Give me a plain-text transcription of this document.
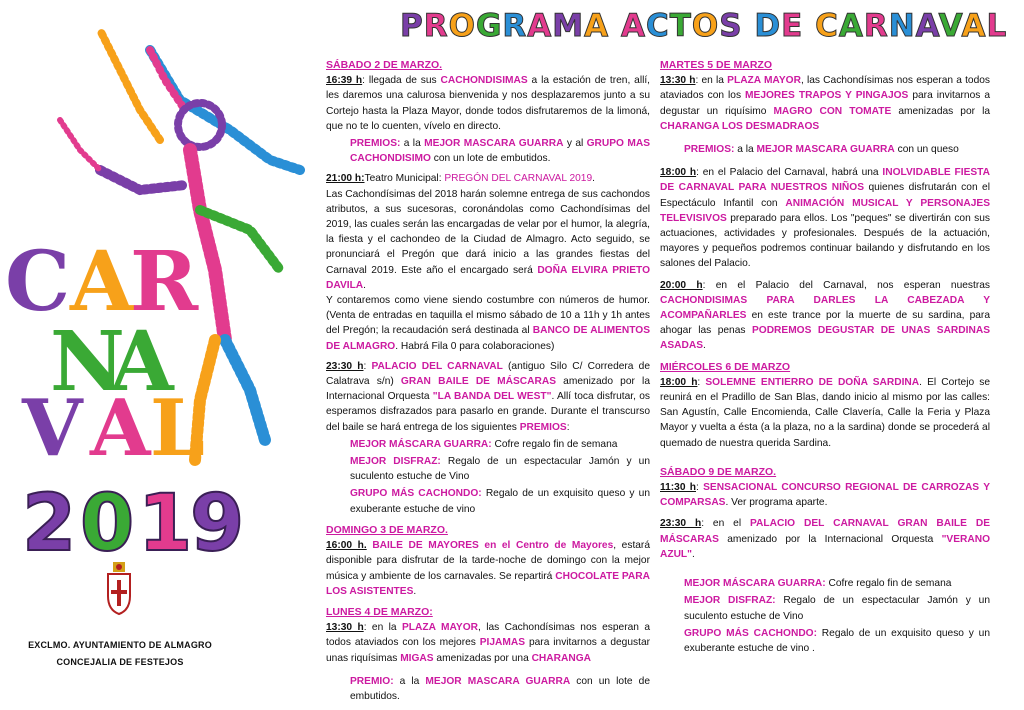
C A
R
N
A
V A L
2 0 1
9
EXCLMO. AYUNTAMIENTO DE ALMAGRO
CONCEJALIA DE FESTEJOS
PROGRAMA ACTOS DE CARNAVAL
SÁBADO 2 DE MARZO.
16:39 h: llegada de sus CACHONDISIMAS a la estación de tren, allí, les daremos una calurosa bienvenida y nos desplazaremos junto a su Cortejo hasta la Plaza Mayor, donde todos disfrutaremos de la limoná, que no te lo cuenten, vívelo en directo.
PREMIOS: a la MEJOR MASCARA GUARRA y al GRUPO MAS CACHONDISIMO con un lote de embutidos.
21:00 h:Teatro Municipal: PREGÓN DEL CARNAVAL 2019.
Las Cachondísimas del 2018 harán solemne entrega de sus cachondos atributos, a sus sucesoras, coronándolas como Cachondísimas del 2019, las cuales serán las encargadas de velar por el humor, la alegría, la fiesta y el cachondeo de la Ciudad de Almagro. Acto seguido, se pronunciará el Pregón que dará inicio a las grandes fiestas del Carnaval 2019. Este año el encargado será DOÑA ELVIRA PRIETO DAVILA.
Y contaremos como viene siendo costumbre con números de humor. (Venta de entradas en taquilla el mismo sábado de 10 a 11h y 1h antes del Pregón; la recaudación será destinada al BANCO DE ALIMENTOS DE ALMAGRO. Habrá Fila 0 para colaboraciones)
23:30 h: PALACIO DEL CARNAVAL (antiguo Silo C/ Corredera de Calatrava s/n) GRAN BAILE DE MÁSCARAS amenizado por la Internacional Orquesta "LA BANDA DEL WEST". Allí toca disfrutar, os esperamos disfrazados para pasarlo en grande. Durante el transcurso del baile se hará entrega de los siguientes PREMIOS:
MEJOR MÁSCARA GUARRA: Cofre regalo fin de semana
MEJOR DISFRAZ: Regalo de un espectacular Jamón y un suculento estuche de Vino
GRUPO MÁS CACHONDO: Regalo de un exquisito queso y un exuberante estuche de vino
DOMINGO 3 DE MARZO.
16:00 h. BAILE DE MAYORES en el Centro de Mayores, estará disponible para disfrutar de la tarde-noche de domingo con la mejor música y ambiente de los carnavales. Se repartirá CHOCOLATE PARA LOS ASISTENTES.
LUNES 4 DE MARZO:
13:30 h: en la PLAZA MAYOR, las Cachondísimas nos esperan a todos ataviados con los mejores PIJAMAS para invitarnos a degustar unas riquísimas MIGAS amenizadas por una CHARANGA
PREMIO: a la MEJOR MASCARA GUARRA con un lote de embutidos.
MARTES 5 DE MARZO
13:30 h: en la PLAZA MAYOR, las Cachondísimas nos esperan a todos ataviados con los MEJORES TRAPOS Y PINGAJOS para invitarnos a degustar un riquísimo MAGRO CON TOMATE amenizadas por la CHARANGA LOS DESMADRAOS
PREMIOS: a la MEJOR MASCARA GUARRA con un queso
18:00 h: en el Palacio del Carnaval, habrá una INOLVIDABLE FIESTA DE CARNAVAL PARA NUESTROS NIÑOS quienes disfrutarán con el Espectáculo Infantil con ANIMACIÓN MUSICAL Y PERSONAJES TELEVISIVOS preparado para ellos. Los "peques" se divertirán con sus actuaciones, actividades y profesionales. Después de la actuación, mayores y pequeños podremos continuar bailando y disfrutando en los salones del Palacio.
20:00 h: en el Palacio del Carnaval, nos esperan nuestras CACHONDISIMAS PARA DARLES LA CABEZADA Y ACOMPAÑARLES en este trance por la muerte de su sardina, para ahogar las penas PODREMOS DEGUSTAR DE UNAS SARDINAS ASADAS.
MIÉRCOLES 6 DE MARZO
18:00 h: SOLEMNE ENTIERRO DE DOÑA SARDINA. El Cortejo se reunirá en el Pradillo de San Blas, dando inicio al mismo por las calles: San Agustín, Calle Encomienda, Calle Clavería, Calle la Feria y Plaza Mayor y vuelta a ésta (a la plaza, no a la sardina) donde se procederá al quemado de nuestra querida Sardina.
SÁBADO 9 DE MARZO.
11:30 h: SENSACIONAL CONCURSO REGIONAL DE CARROZAS Y COMPARSAS. Ver programa aparte.
23:30 h: en el PALACIO DEL CARNAVAL GRAN BAILE DE MÁSCARAS amenizado por la Internacional Orquesta "VERANO AZUL".
MEJOR MÁSCARA GUARRA: Cofre regalo fin de semana
MEJOR DISFRAZ: Regalo de un espectacular Jamón y un suculento estuche de Vino
GRUPO MÁS CACHONDO: Regalo de un exquisito queso y un exuberante estuche de vino .
